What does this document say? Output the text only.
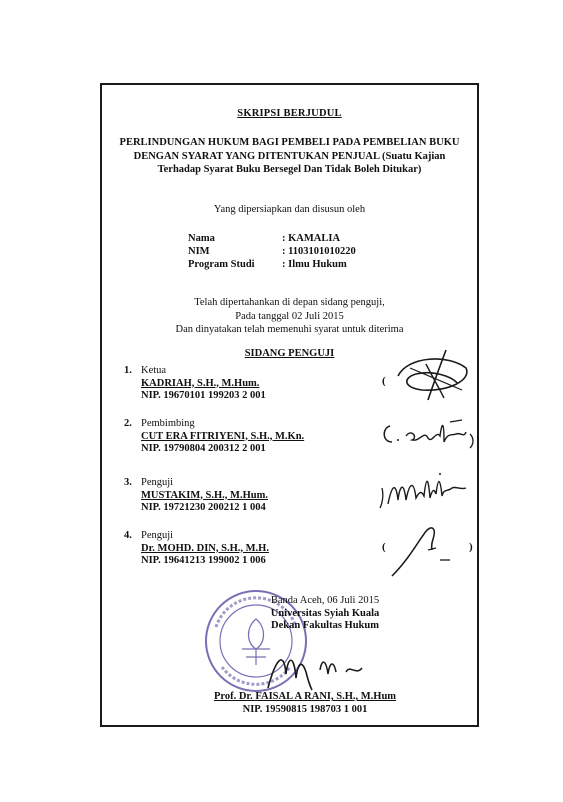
SKRIPSI BERJUDUL
PERLINDUNGAN HUKUM BAGI PEMBELI PADA PEMBELIAN BUKU
DENGAN SYARAT YANG DITENTUKAN PENJUAL (Suatu Kajian
Terhadap Syarat Buku Bersegel Dan Tidak Boleh Ditukar)
Yang dipersiapkan dan disusun oleh
Nama	: KAMALIA
NIM	: 1103101010220
Program Studi	: Ilmu Hukum
Telah dipertahankan di depan sidang penguji,
Pada tanggal 02 Juli 2015
Dan dinyatakan telah memenuhi syarat untuk diterima
SIDANG PENGUJI
1. Ketua
KADRIAH, S.H., M.Hum.
NIP. 19670101 199203 2 001
(
2. Pembimbing
CUT ERA FITRIYENI, S.H., M.Kn.
NIP. 19790804 200312 2 001
3. Penguji
MUSTAKIM, S.H., M.Hum.
NIP. 19721230 200212 1 004
4. Penguji
Dr. MOHD. DIN, S.H., M.H.
NIP. 19641213 199002 1 006
(	)
Banda Aceh, 06 Juli 2015
Universitas Syiah Kuala
Dekan Fakultas Hukum
Prof. Dr. FAISAL A RANI, S.H., M.Hum
NIP. 19590815 198703 1 001
